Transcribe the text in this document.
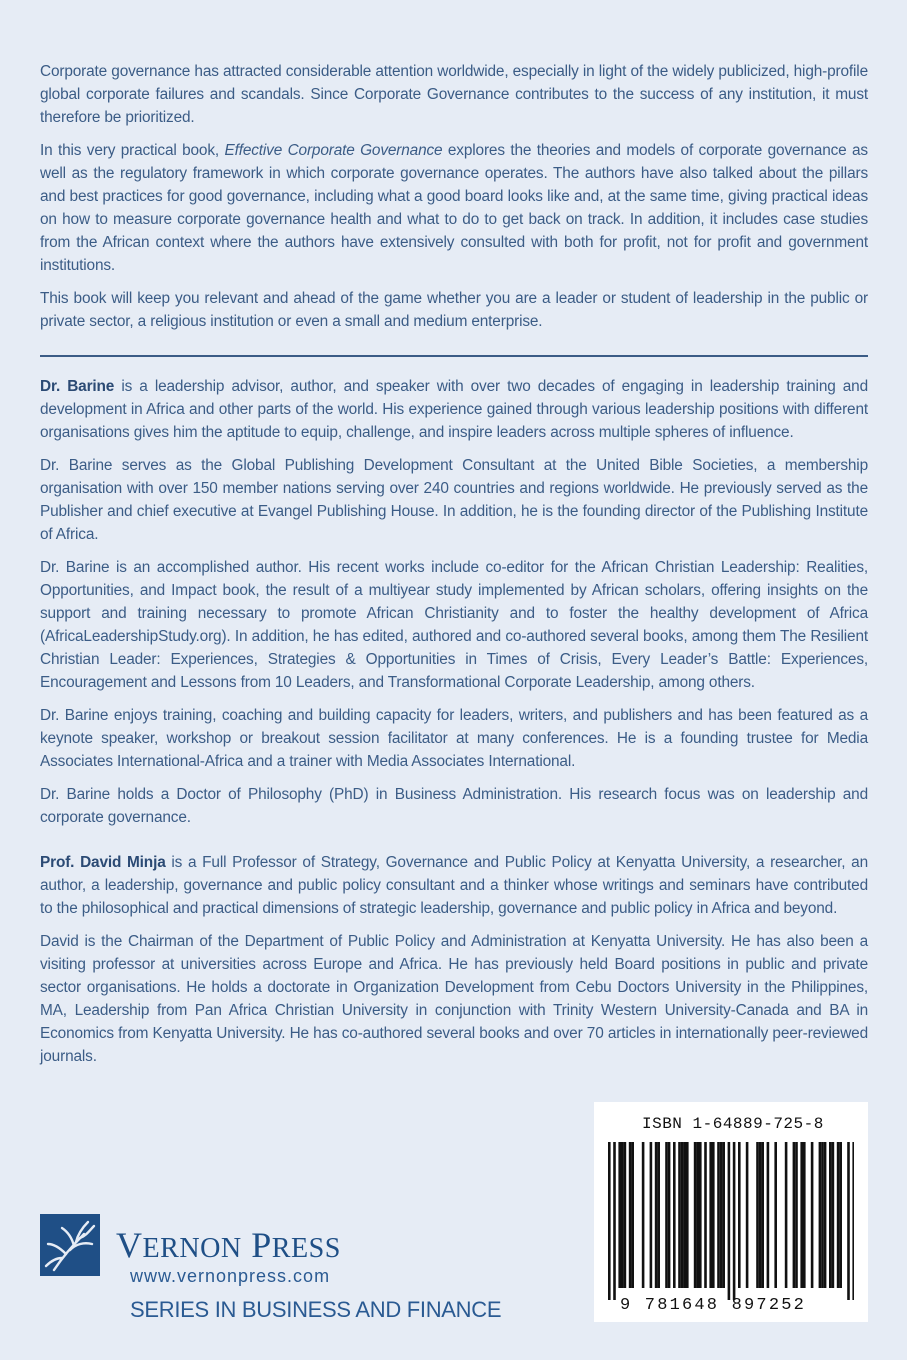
Corporate governance has attracted considerable attention worldwide, especially in light of the widely publicized, high-profile global corporate failures and scandals. Since Corporate Governance contributes to the success of any institution, it must therefore be prioritized.

In this very practical book, Effective Corporate Governance explores the theories and models of corporate governance as well as the regulatory framework in which corporate governance operates. The authors have also talked about the pillars and best practices for good governance, including what a good board looks like and, at the same time, giving practical ideas on how to measure corporate governance health and what to do to get back on track. In addition, it includes case studies from the African context where the authors have extensively consulted with both for profit, not for profit and government institutions.

This book will keep you relevant and ahead of the game whether you are a leader or student of leadership in the public or private sector, a religious institution or even a small and medium enterprise.

Dr. Barine is a leadership advisor, author, and speaker with over two decades of engaging in leadership training and development in Africa and other parts of the world. His experience gained through various leadership positions with different organisations gives him the aptitude to equip, challenge, and inspire leaders across multiple spheres of influence.

Dr. Barine serves as the Global Publishing Development Consultant at the United Bible Societies, a membership organisation with over 150 member nations serving over 240 countries and regions worldwide. He previously served as the Publisher and chief executive at Evangel Publishing House. In addition, he is the founding director of the Publishing Institute of Africa.

Dr. Barine is an accomplished author. His recent works include co-editor for the African Christian Leadership: Realities, Opportunities, and Impact book, the result of a multiyear study implemented by African scholars, offering insights on the support and training necessary to promote African Christianity and to foster the healthy development of Africa (AfricaLeadershipStudy.org). In addition, he has edited, authored and co-authored several books, among them The Resilient Christian Leader: Experiences, Strategies & Opportunities in Times of Crisis, Every Leader’s Battle: Experiences, Encouragement and Lessons from 10 Leaders, and Transformational Corporate Leadership, among others.

Dr. Barine enjoys training, coaching and building capacity for leaders, writers, and publishers and has been featured as a keynote speaker, workshop or breakout session facilitator at many conferences. He is a founding trustee for Media Associates International-Africa and a trainer with Media Associates International.

Dr. Barine holds a Doctor of Philosophy (PhD) in Business Administration. His research focus was on leadership and corporate governance.

Prof. David Minja is a Full Professor of Strategy, Governance and Public Policy at Kenyatta University, a researcher, an author, a leadership, governance and public policy consultant and a thinker whose writings and seminars have contributed to the philosophical and practical dimensions of strategic leadership, governance and public policy in Africa and beyond.

David is the Chairman of the Department of Public Policy and Administration at Kenyatta University. He has also been a visiting professor at universities across Europe and Africa. He has previously held Board positions in public and private sector organisations. He holds a doctorate in Organization Development from Cebu Doctors University in the Philippines, MA, Leadership from Pan Africa Christian University in conjunction with Trinity Western University-Canada and BA in Economics from Kenyatta University. He has co-authored several books and over 70 articles in internationally peer-reviewed journals.

ISBN 1-64889-725-8
9 781648 897252
VERNON PRESS
www.vernonpress.com
SERIES IN BUSINESS AND FINANCE
